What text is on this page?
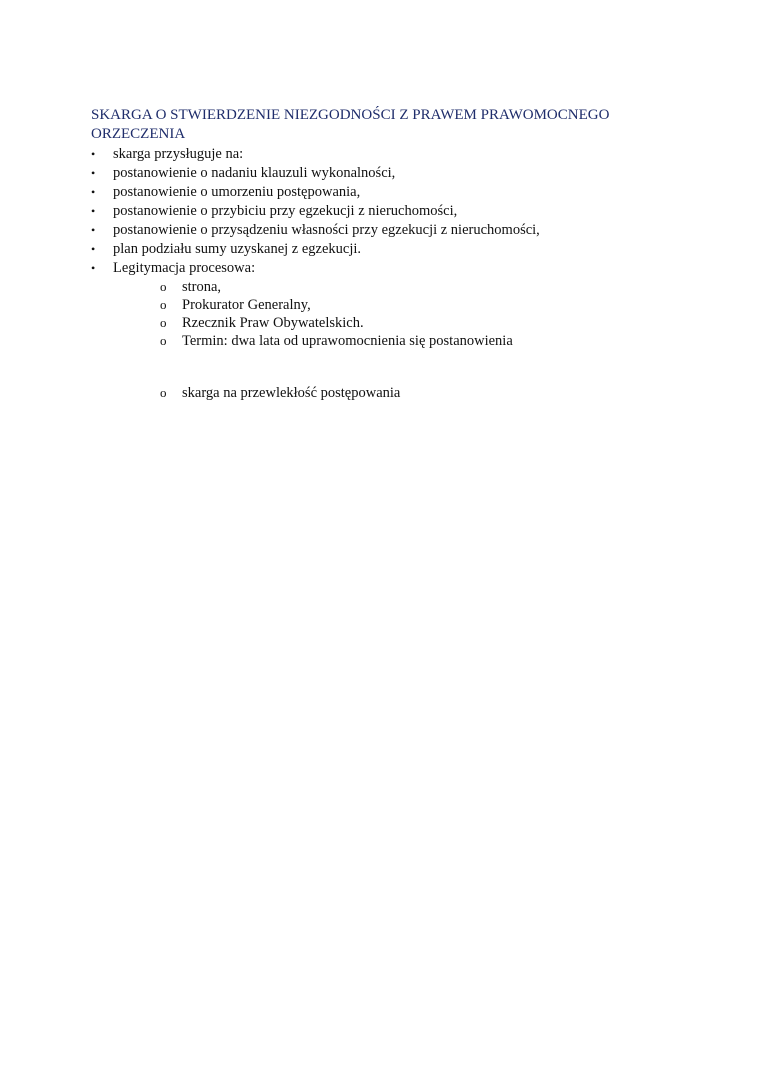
SKARGA O STWIERDZENIE NIEZGODNOŚCI Z PRAWEM PRAWOMOCNEGO
ORZECZENIA
•	skarga przysługuje na:
•	postanowienie o nadaniu klauzuli wykonalności,
•	postanowienie o umorzeniu postępowania,
•	postanowienie o przybiciu przy egzekucji z nieruchomości,
•	postanowienie o przysądzeniu własności przy egzekucji z nieruchomości,
•	plan podziału sumy uzyskanej z egzekucji.
•	Legitymacja procesowa:
o strona,
o Prokurator Generalny,
o Rzecznik Praw Obywatelskich.
o Termin: dwa lata od uprawomocnienia się postanowienia
o skarga na przewlekłość postępowania
